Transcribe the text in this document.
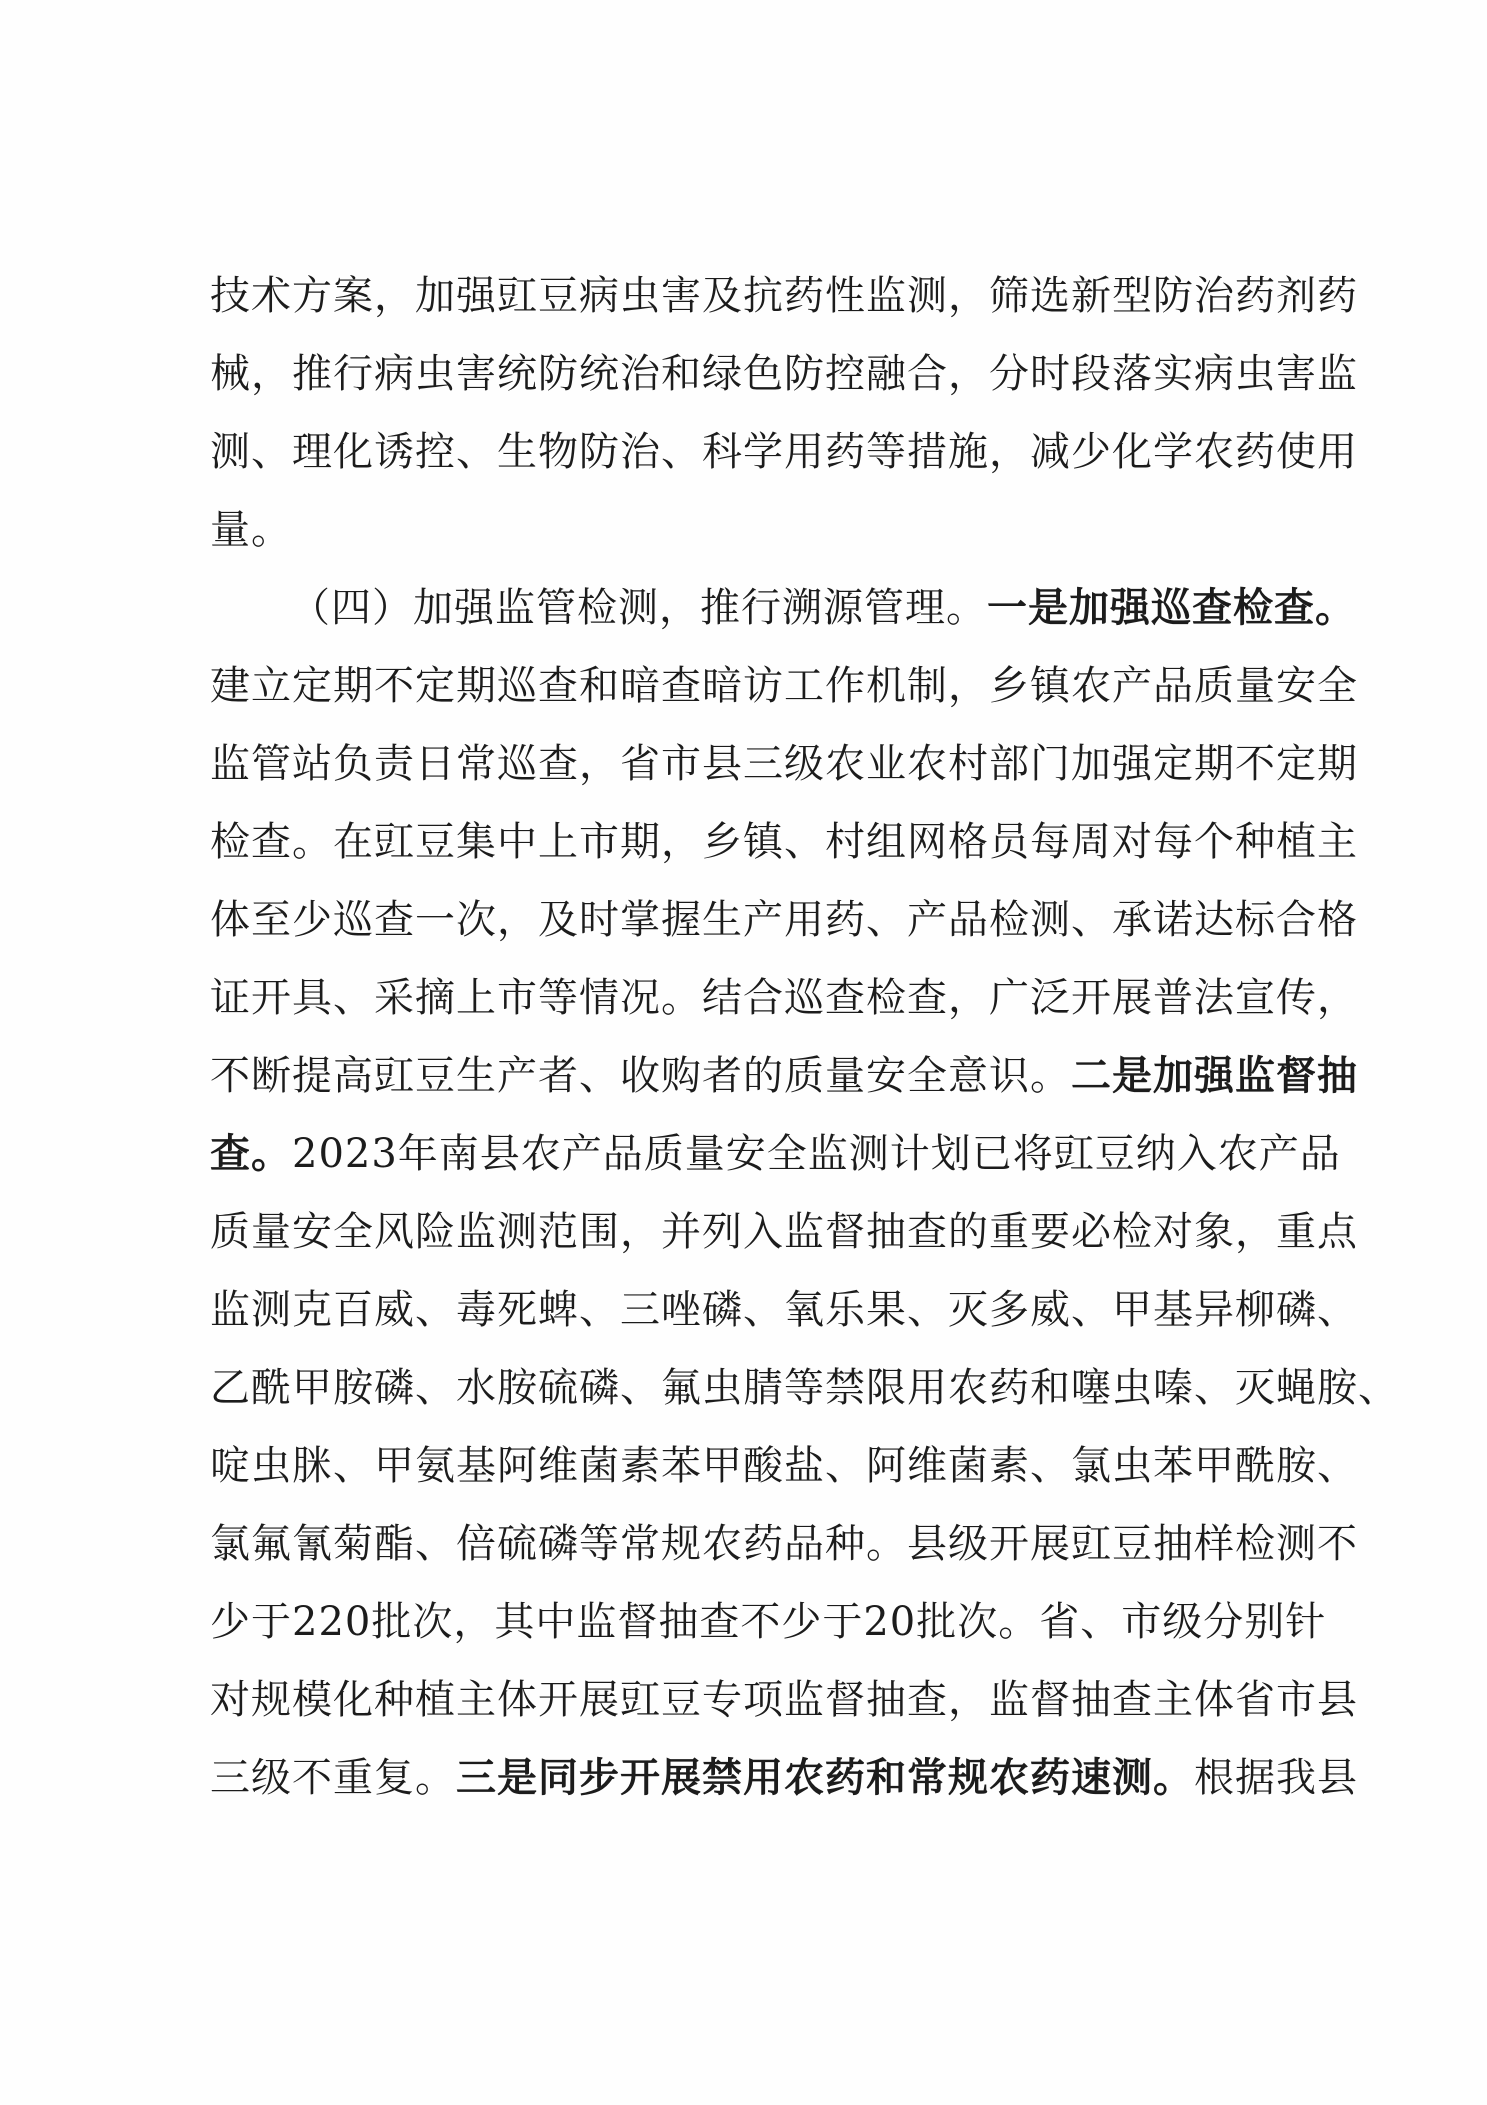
技术方案，加强豇豆病虫害及抗药性监测，筛选新型防治药剂药
械，推行病虫害统防统治和绿色防控融合，分时段落实病虫害监
测、理化诱控、生物防治、科学用药等措施，减少化学农药使用
量。
（四）加强监管检测，推行溯源管理。一是加强巡查检查。
建立定期不定期巡查和暗查暗访工作机制，乡镇农产品质量安全
监管站负责日常巡查，省市县三级农业农村部门加强定期不定期
检查。在豇豆集中上市期，乡镇、村组网格员每周对每个种植主
体至少巡查一次，及时掌握生产用药、产品检测、承诺达标合格
证开具、采摘上市等情况。结合巡查检查，广泛开展普法宣传，
不断提高豇豆生产者、收购者的质量安全意识。二是加强监督抽
查。2023年南县农产品质量安全监测计划已将豇豆纳入农产品
质量安全风险监测范围，并列入监督抽查的重要必检对象，重点
监测克百威、毒死蜱、三唑磷、氧乐果、灭多威、甲基异柳磷、
乙酰甲胺磷、水胺硫磷、氟虫腈等禁限用农药和噻虫嗪、灭蝇胺、
啶虫脒、甲氨基阿维菌素苯甲酸盐、阿维菌素、氯虫苯甲酰胺、
氯氟氰菊酯、倍硫磷等常规农药品种。县级开展豇豆抽样检测不
少于220批次，其中监督抽查不少于20批次。省、市级分别针
对规模化种植主体开展豇豆专项监督抽查，监督抽查主体省市县
三级不重复。三是同步开展禁用农药和常规农药速测。根据我县
